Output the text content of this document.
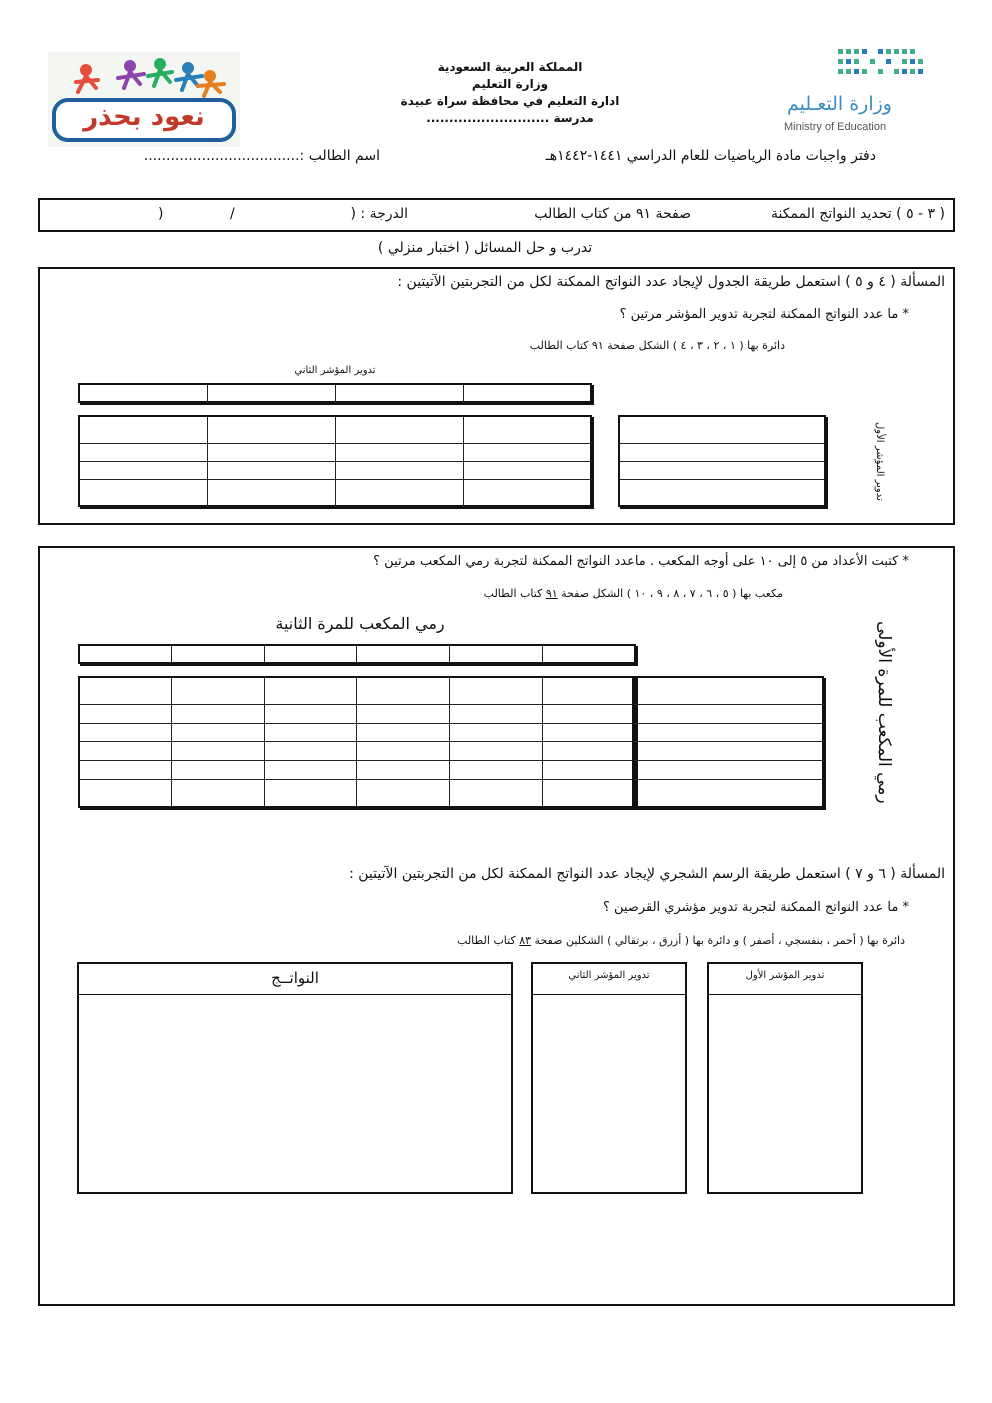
نعود بحذر
المملكة العربية السعودية
وزارة التعليم
ادارة التعليم في محافظة سراة عبيدة
مدرسة ...........................
وزارة التعـليم
Ministry of Education
دفتر واجبات مادة الرياضيات للعام الدراسي ١٤٤١-١٤٤٢هـ
اسم الطالب :...................................
( ٣ - ٥ ) تحديد النواتج الممكنة
صفحة ٩١ من كتاب الطالب
الدرجة : (
/
)
تدرب و حل المسائل ( اختبار منزلي )
المسألة ( ٤ و ٥ ) استعمل طريقة الجدول لإيجاد عدد النواتج الممكنة لكل من التجربتين الآتيتين :
* ما عدد النواتج الممكنة لتجربة تدوير المؤشر مرتين ؟
دائرة بها ( ١ ، ٢ ، ٣ ، ٤ ) الشكل صفحة ٩١ كتاب الطالب
تدوير المؤشر الثاني

تدوير المؤشر الأول
* كتبت الأعداد من ٥ إلى ١٠ على أوجه المكعب . ماعدد النواتج الممكنة لتجربة رمي المكعب مرتين ؟
مكعب بها ( ٥ ، ٦ ، ٧ ، ٨ ، ٩ ، ١٠ ) الشكل صفحة ٩١ كتاب الطالب
رمي المكعب للمرة الثانية

						رمي المكعب للمرة الأولى
المسألة ( ٦ و ٧ ) استعمل طريقة الرسم الشجري لإيجاد عدد النواتج الممكنة لكل من التجربتين الآتيتين :
* ما عدد النواتج الممكنة لتجربة تدوير مؤشري القرصين ؟
دائرة بها ( أحمر ، بنفسجي ، أصفر ) و دائرة بها ( أزرق ، برتقالي ) الشكلين صفحة ٨٣ كتاب الطالب
النواتــج	تدوير المؤشر الثاني	تدوير المؤشر الأول
